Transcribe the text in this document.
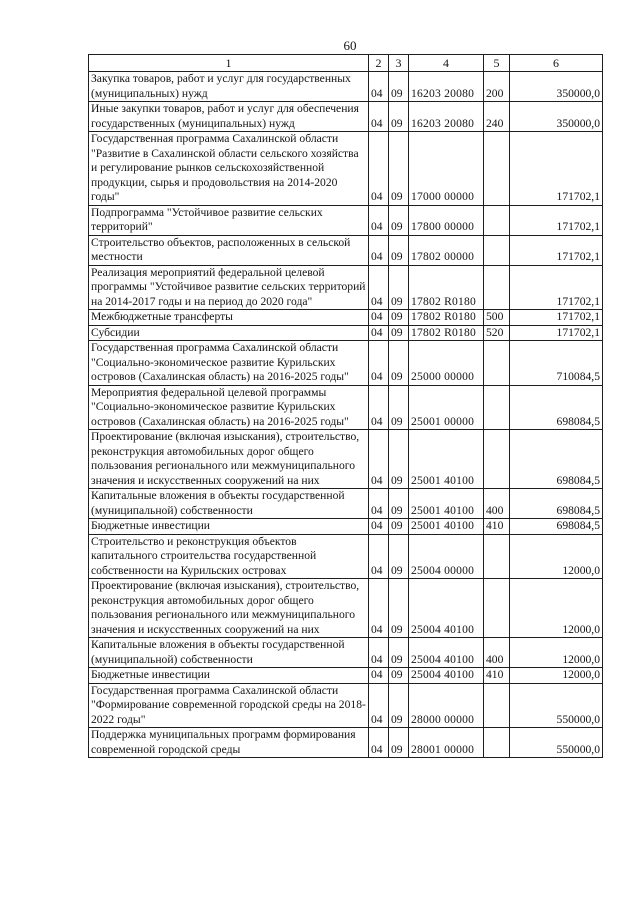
60
1	2	3	4	5	6
Закупка товаров, работ и услуг для государственных (муниципальных) нужд	04	09	16203 20080	200	350000,0
Иные закупки товаров, работ и услуг для обеспечения государственных (муниципальных) нужд	04	09	16203 20080	240	350000,0
Государственная программа Сахалинской области "Развитие в Сахалинской области сельского хозяйства и регулирование рынков сельскохозяйственной продукции, сырья и продовольствия на 2014-2020 годы"	04	09	17000 00000		171702,1
Подпрограмма "Устойчивое развитие сельских территорий"	04	09	17800 00000		171702,1
Строительство объектов, расположенных в сельской местности	04	09	17802 00000		171702,1
Реализация мероприятий федеральной целевой программы "Устойчивое развитие сельских территорий на 2014-2017 годы и на период до 2020 года"	04	09	17802 R0180		171702,1
Межбюджетные трансферты	04	09	17802 R0180	500	171702,1
Субсидии	04	09	17802 R0180	520	171702,1
Государственная программа Сахалинской области "Социально-экономическое развитие Курильских островов (Сахалинская область) на 2016-2025 годы"	04	09	25000 00000		710084,5
Мероприятия федеральной целевой программы "Социально-экономическое развитие Курильских островов (Сахалинская область) на 2016-2025 годы"	04	09	25001 00000		698084,5
Проектирование (включая изыскания), строительство, реконструкция автомобильных дорог общего пользования регионального или межмуниципального значения и искусственных сооружений на них	04	09	25001 40100		698084,5
Капитальные вложения в объекты государственной (муниципальной) собственности	04	09	25001 40100	400	698084,5
Бюджетные инвестиции	04	09	25001 40100	410	698084,5
Строительство и реконструкция объектов капитального строительства государственной собственности на Курильских островах	04	09	25004 00000		12000,0
Проектирование (включая изыскания), строительство, реконструкция автомобильных дорог общего пользования регионального или межмуниципального значения и искусственных сооружений на них	04	09	25004 40100		12000,0
Капитальные вложения в объекты государственной (муниципальной) собственности	04	09	25004 40100	400	12000,0
Бюджетные инвестиции	04	09	25004 40100	410	12000,0
Государственная программа Сахалинской области "Формирование современной городской среды на 2018-2022 годы"	04	09	28000 00000		550000,0
Поддержка муниципальных программ формирования современной городской среды	04	09	28001 00000		550000,0
